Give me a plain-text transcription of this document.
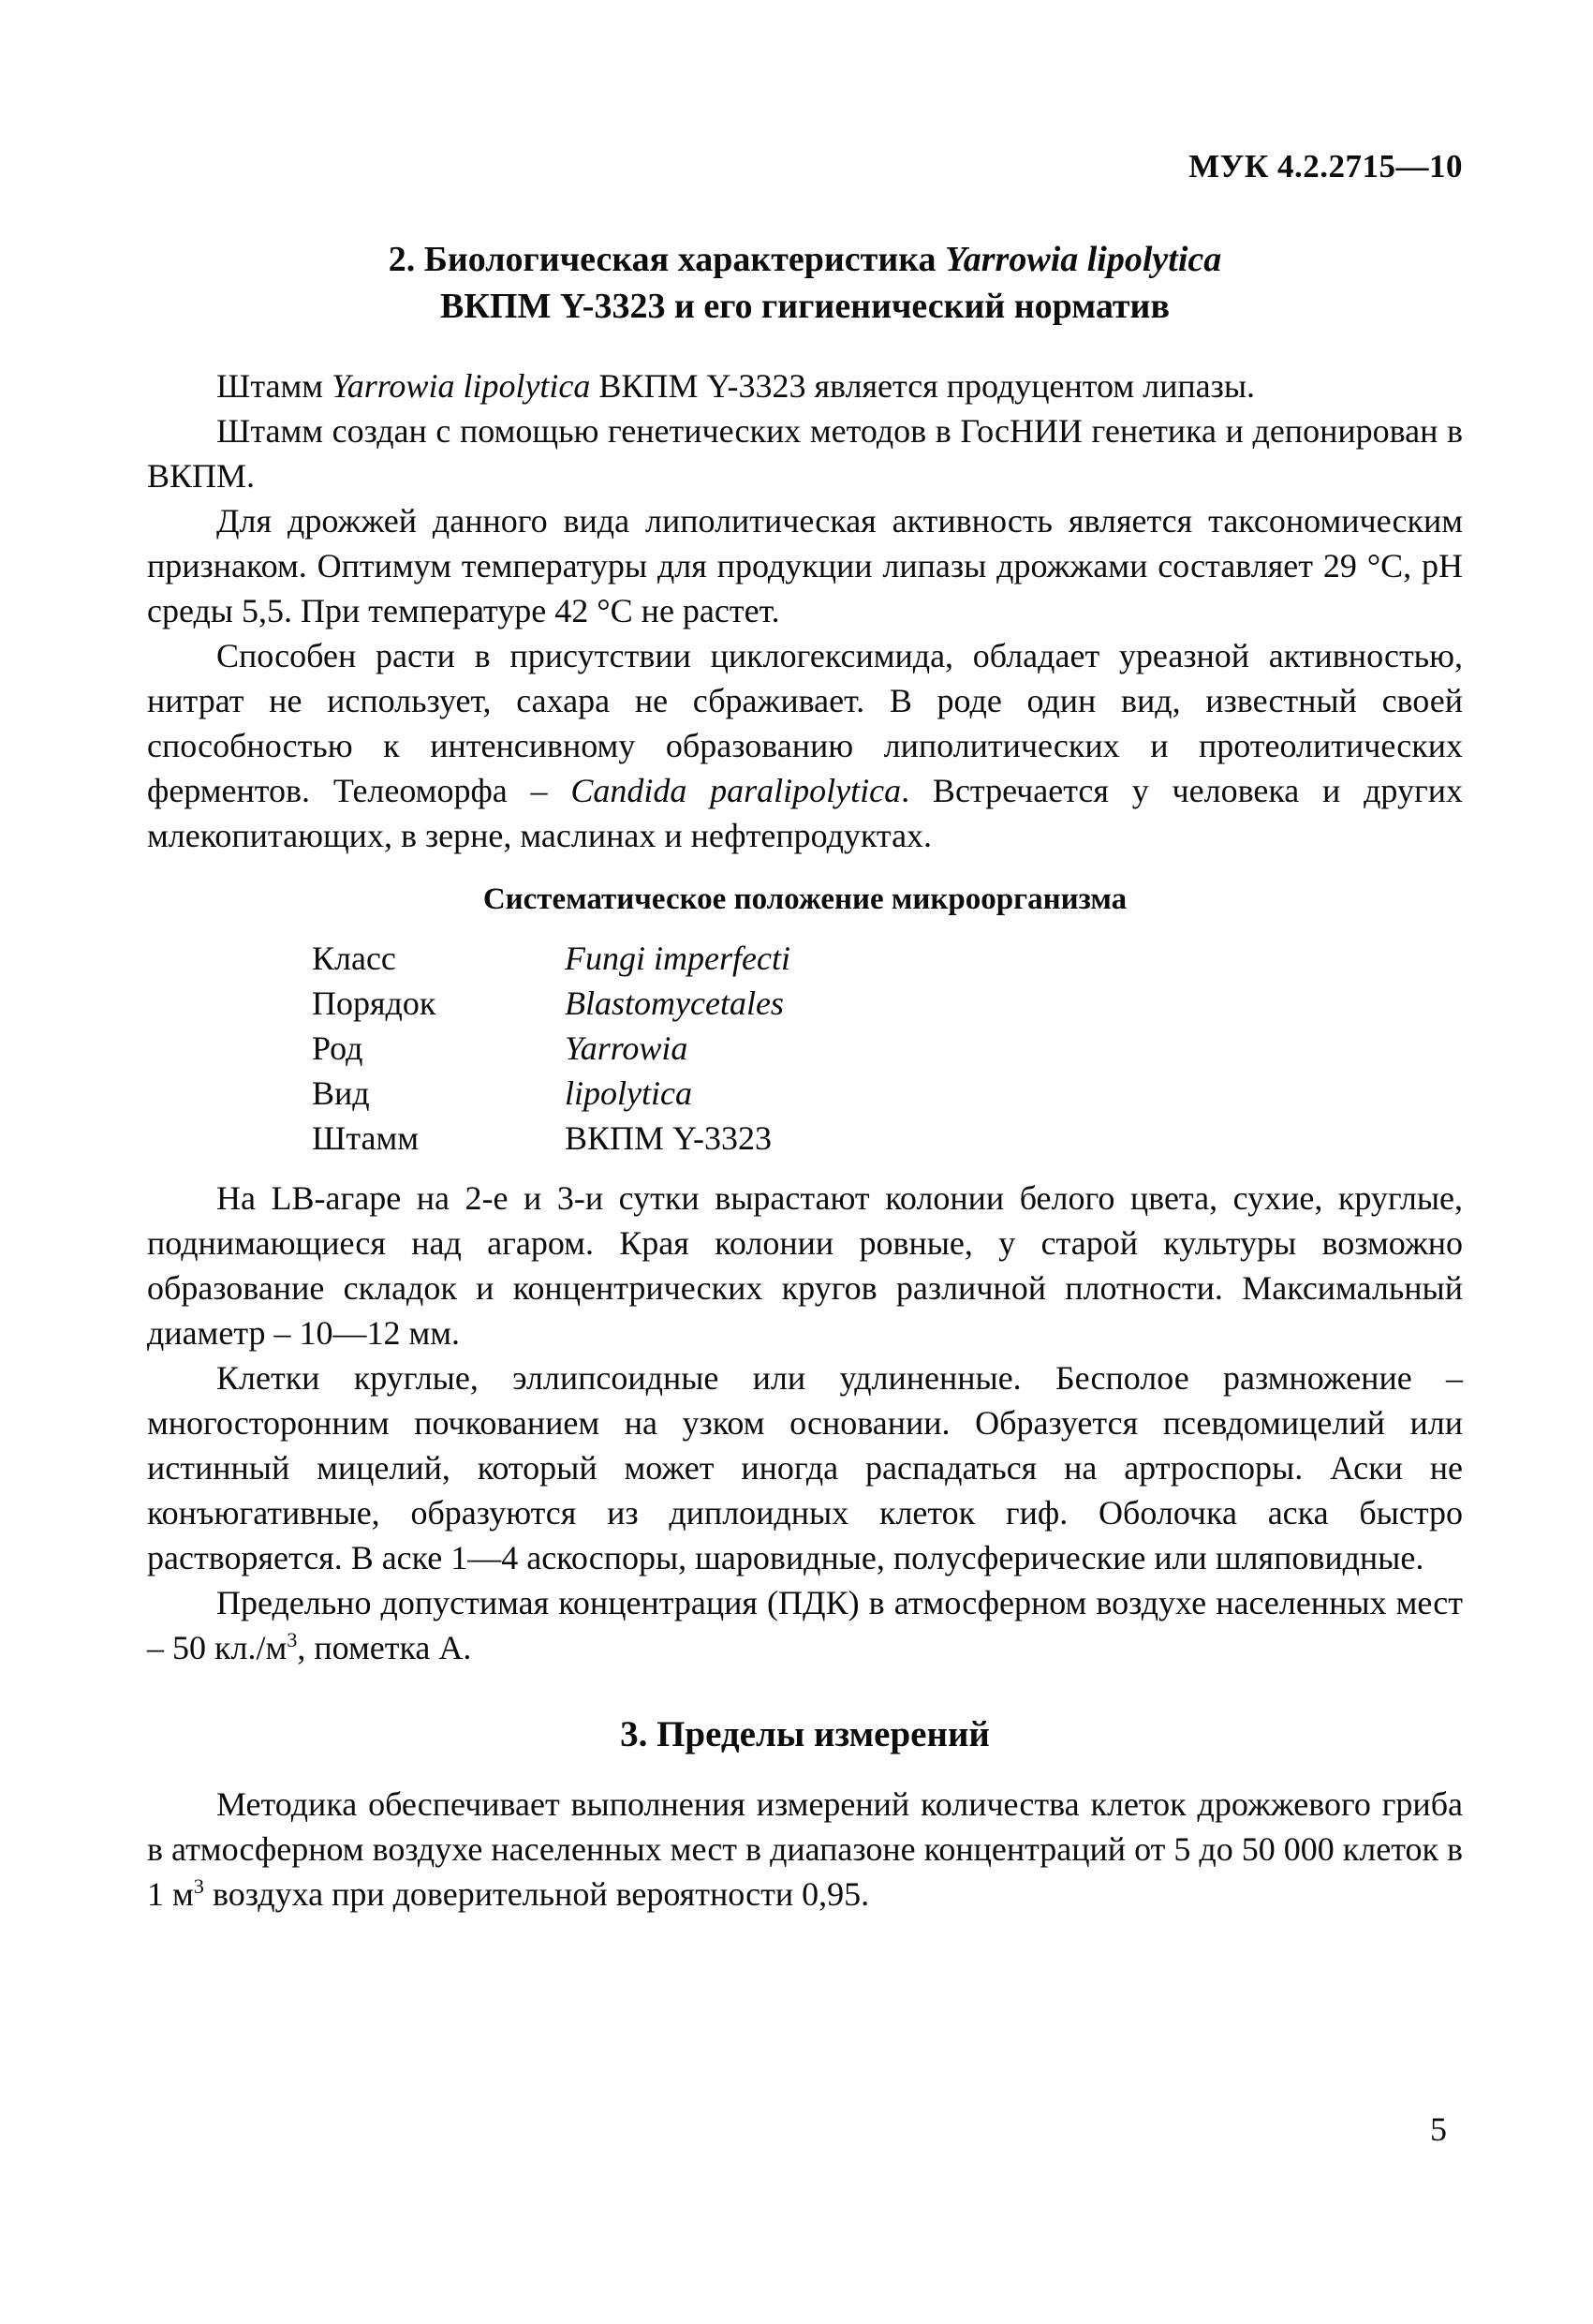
МУК 4.2.2715—10
2. Биологическая характеристика Yarrowia lipolytica
ВКПМ Y-3323 и его гигиенический норматив

Штамм Yarrowia lipolytica ВКПМ Y-3323 является продуцентом липазы.

Штамм создан с помощью генетических методов в ГосНИИ генетика и депонирован в ВКПМ.

Для дрожжей данного вида липолитическая активность является таксономическим признаком. Оптимум температуры для продукции липазы дрожжами составляет 29 °С, рН среды 5,5. При температуре 42 °С не растет.

Способен расти в присутствии циклогексимида, обладает уреазной активностью, нитрат не использует, сахара не сбраживает. В роде один вид, известный своей способностью к интенсивному образованию липолитических и протеолитических ферментов. Телеоморфа – Candida paralipolytica. Встречается у человека и других млекопитающих, в зерне, маслинах и нефтепродуктах.

Систематическое положение микроорганизма
Класс	Fungi imperfecti
Порядок	Blastomycetales
Род	Yarrowia
Вид	lipolytica
Штамм	ВКПМ Y-3323

На LB-агаре на 2-е и 3-и сутки вырастают колонии белого цвета, сухие, круглые, поднимающиеся над агаром. Края колонии ровные, у старой культуры возможно образование складок и концентрических кругов различной плотности. Максимальный диаметр – 10—12 мм.

Клетки круглые, эллипсоидные или удлиненные. Бесполое размножение – многосторонним почкованием на узком основании. Образуется псевдомицелий или истинный мицелий, который может иногда распадаться на артроспоры. Аски не конъюгативные, образуются из диплоидных клеток гиф. Оболочка аска быстро растворяется. В аске 1—4 аскоспоры, шаровидные, полусферические или шляповидные.

Предельно допустимая концентрация (ПДК) в атмосферном воздухе населенных мест – 50 $кл./м^3$, пометка А.

3. Пределы измерений

Методика обеспечивает выполнения измерений количества клеток дрожжевого гриба в атмосферном воздухе населенных мест в диапазоне концентраций от 5 до 50 000 клеток в 1 $м^3$ воздуха при доверительной вероятности 0,95.

5
